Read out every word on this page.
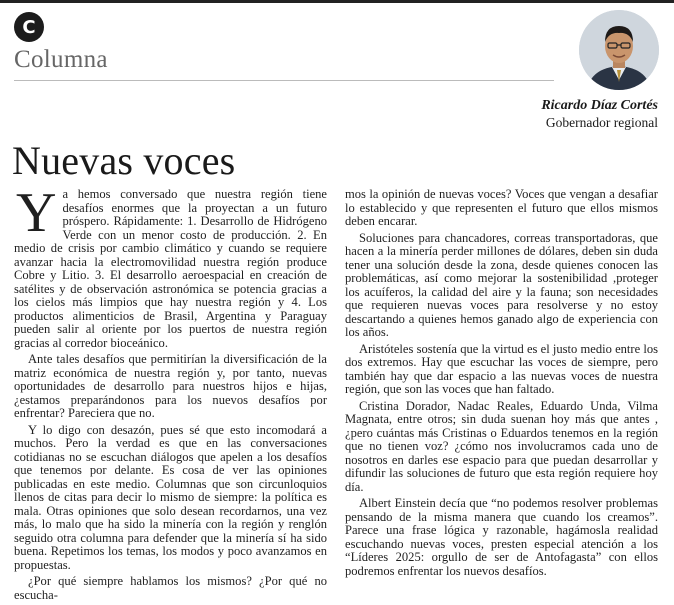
C
Columna
Ricardo Díaz Cortés
Gobernador regional
Nuevas voces

Ya hemos conversado que nuestra región tiene desafíos enormes que la proyectan a un futuro próspero. Rápidamente: 1. Desarrollo de Hidrógeno Verde con un menor costo de producción. 2. En medio de crisis por cambio climático y cuando se requiere avanzar hacia la electromovilidad nuestra región produce Cobre y Litio. 3. El desarrollo aeroespacial en creación de satélites y de observación astronómica se potencia gracias a los cielos más limpios que hay nuestra región y 4. Los productos alimenticios de Brasil, Argentina y Paraguay pueden salir al oriente por los puertos de nuestra región gracias al corredor bioceánico.

Ante tales desafíos que permitirían la diversificación de la matriz económica de nuestra región y, por tanto, nuevas oportunidades de desarrollo para nuestros hijos e hijas, ¿estamos preparándonos para los nuevos desafíos por enfrentar? Pareciera que no.

Y lo digo con desazón, pues sé que esto incomodará a muchos. Pero la verdad es que en las conversaciones cotidianas no se escuchan diálogos que apelen a los desafíos que tenemos por delante. Es cosa de ver las opiniones publicadas en este medio. Columnas que son circunloquios llenos de citas para decir lo mismo de siempre: la política es mala. Otras opiniones que solo desean recordarnos, una vez más, lo malo que ha sido la minería con la región y renglón seguido otra columna para defender que la minería sí ha sido buena. Repetimos los temas, los modos y poco avanzamos en propuestas.

¿Por qué siempre hablamos los mismos? ¿Por qué no escucha-

mos la opinión de nuevas voces? Voces que vengan a desafiar lo establecido y que representen el futuro que ellos mismos deben encarar.

Soluciones para chancadores, correas transportadoras, que hacen a la minería perder millones de dólares, deben sin duda tener una solución desde la zona, desde quienes conocen las problemáticas, así como mejorar la sostenibilidad ,proteger los acuíferos, la calidad del aire y la fauna; son necesidades que requieren nuevas voces para resolverse y no estoy descartando a quienes hemos ganado algo de experiencia con los años.

Aristóteles sostenía que la virtud es el justo medio entre los dos extremos. Hay que escuchar las voces de siempre, pero también hay que dar espacio a las nuevas voces de nuestra región, que son las voces que han faltado.

Cristina Dorador, Nadac Reales, Eduardo Unda, Vilma Magnata, entre otros; sin duda suenan hoy más que antes , ¿pero cuántas más Cristinas o Eduardos tenemos en la región que no tienen voz? ¿cómo nos involucramos cada uno de nosotros en darles ese espacio para que puedan desarrollar y difundir las soluciones de futuro que esta región requiere hoy día.

Albert Einstein decía que “no podemos resolver problemas pensando de la misma manera que cuando los creamos”. Parece una frase lógica y razonable, hagámosla realidad escuchando nuevas voces, presten especial atención a los “Líderes 2025: orgullo de ser de Antofagasta” con ellos podremos enfrentar los nuevos desafíos.
